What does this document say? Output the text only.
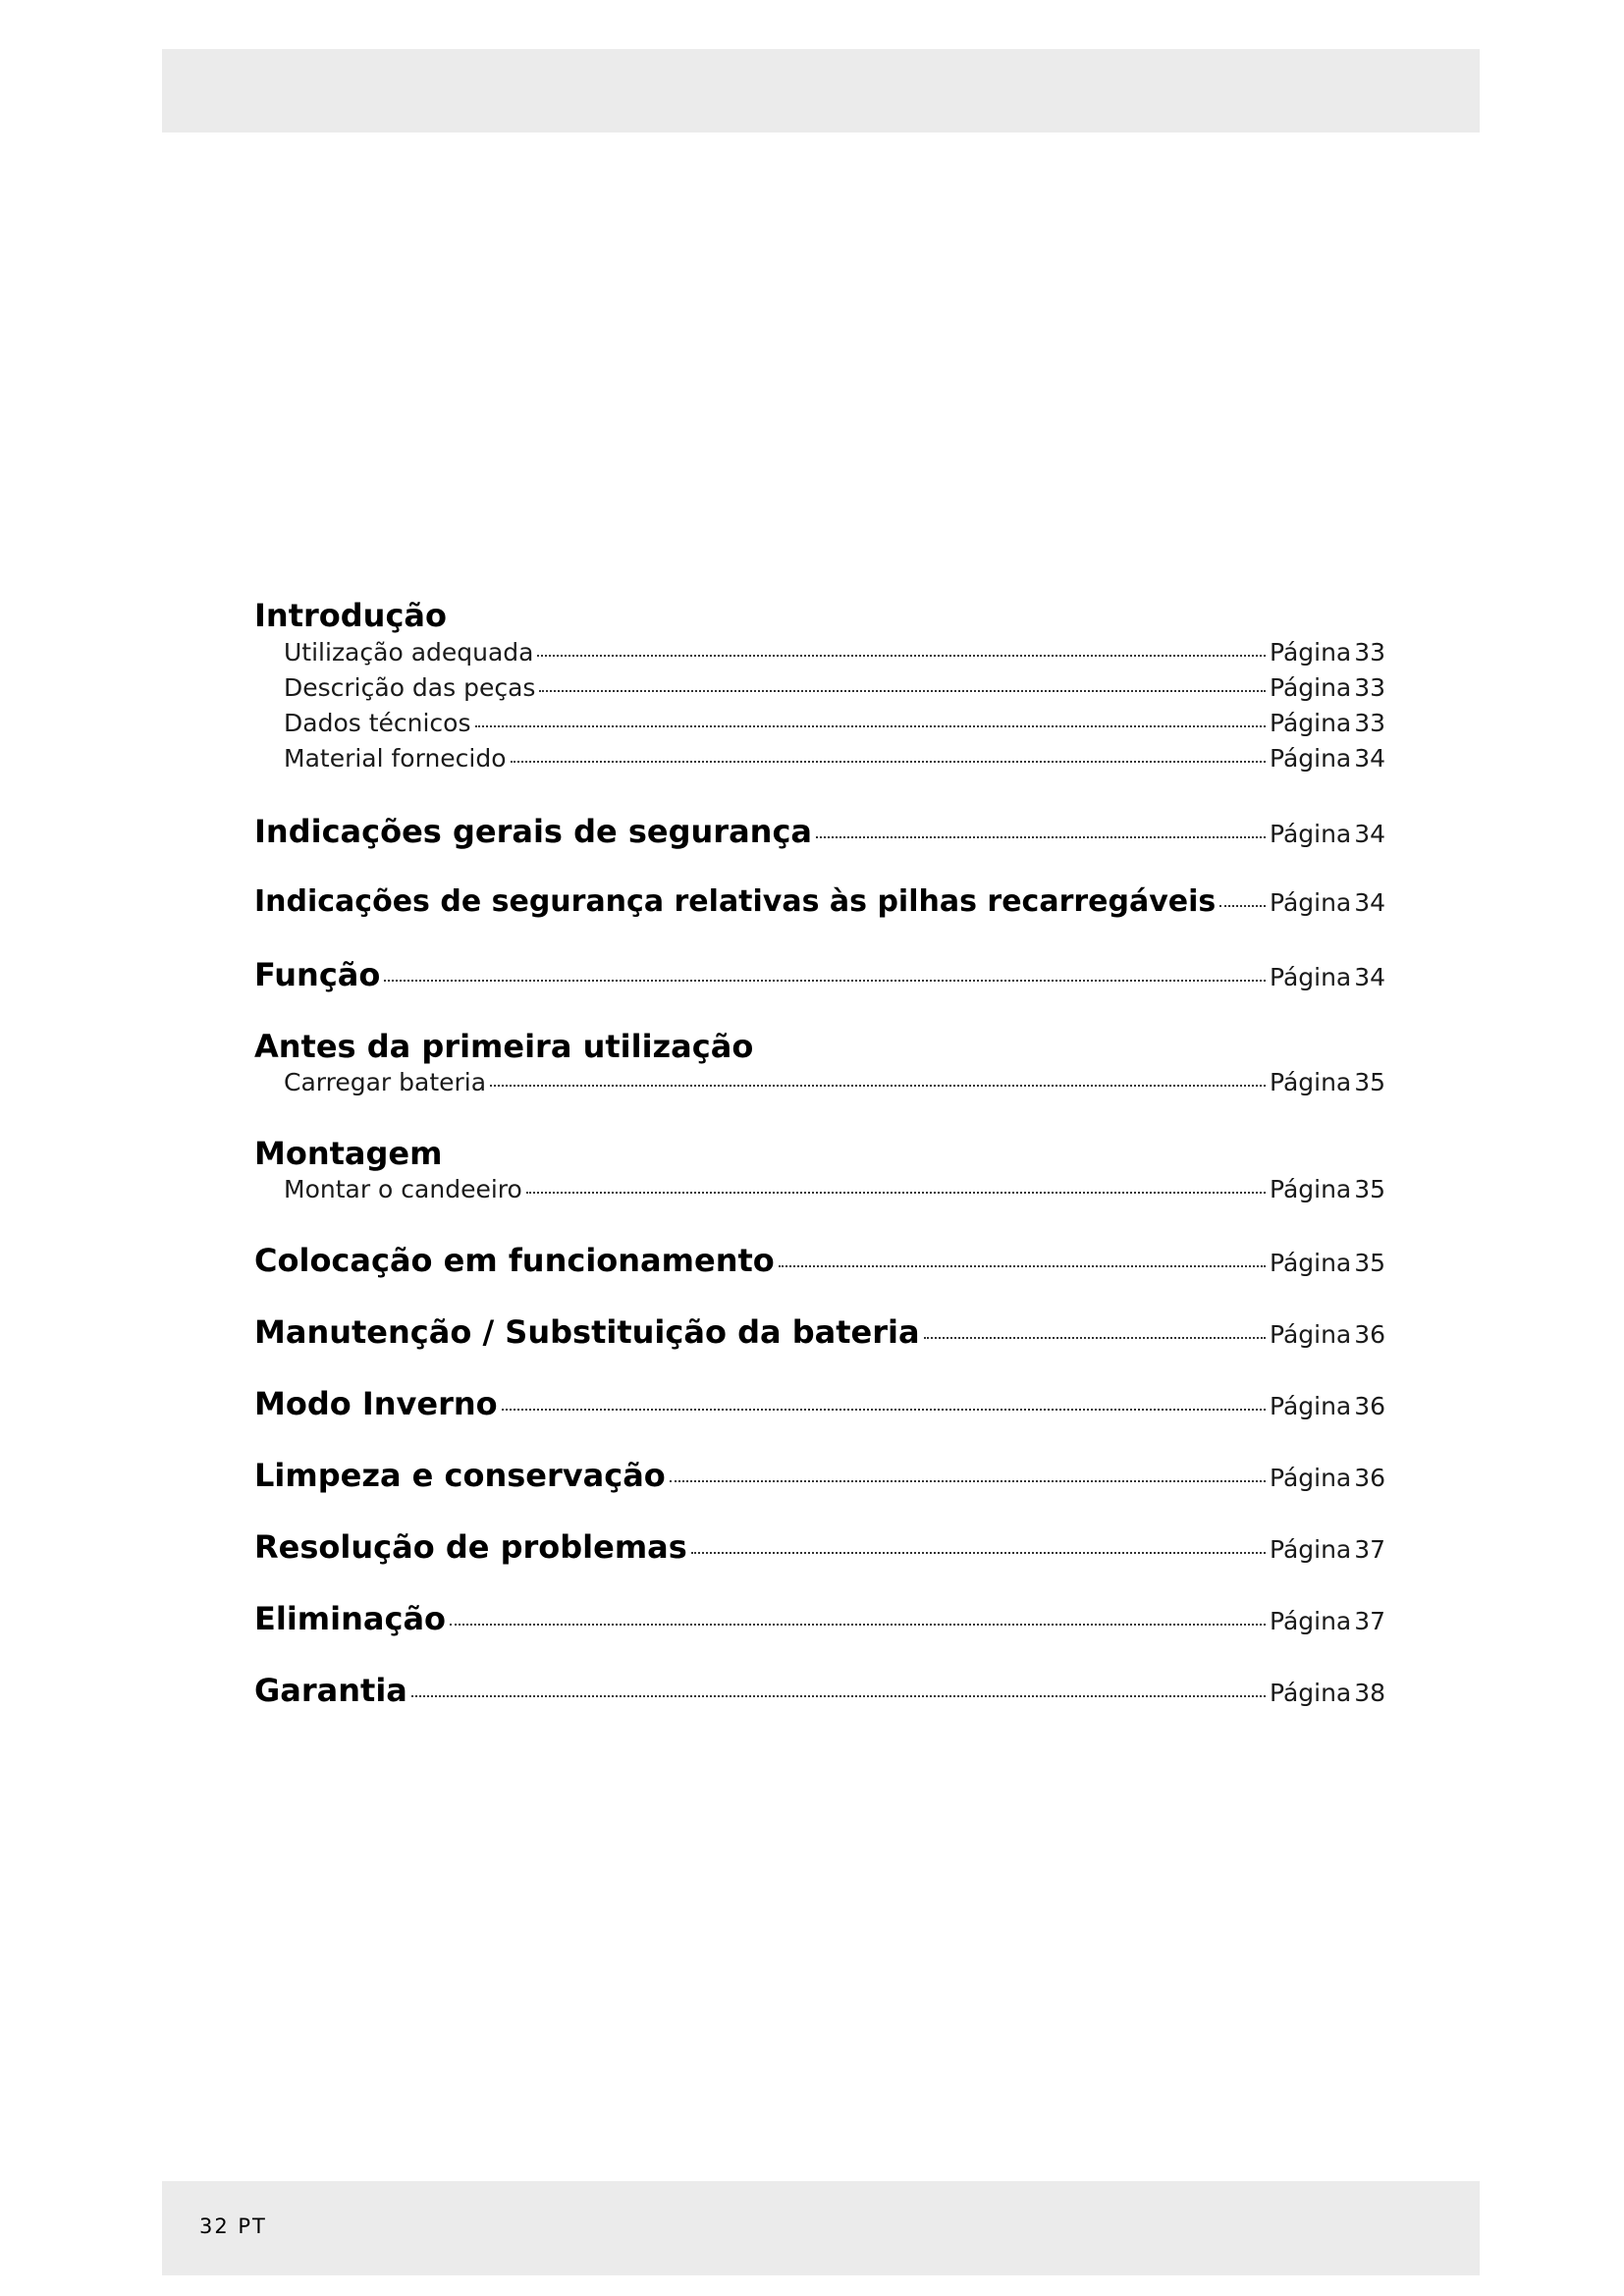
Introdução
Utilização adequada	Página 33
Descrição das peças	Página 33
Dados técnicos	Página 33
Material fornecido	Página 34
Indicações gerais de segurança	Página 34
Indicações de segurança relativas às pilhas recarregáveis Página 34
Função	Página 34
Antes da primeira utilização
Carregar bateria	Página 35
Montagem
Montar o candeeiro	Página 35
Colocação em funcionamento	Página 35
Manutenção / Substituição da bateria	Página 36
Modo Inverno	Página 36
Limpeza e conservação	Página 36
Resolução de problemas	Página 37
Eliminação	Página 37
Garantia	Página 38
32 PT
